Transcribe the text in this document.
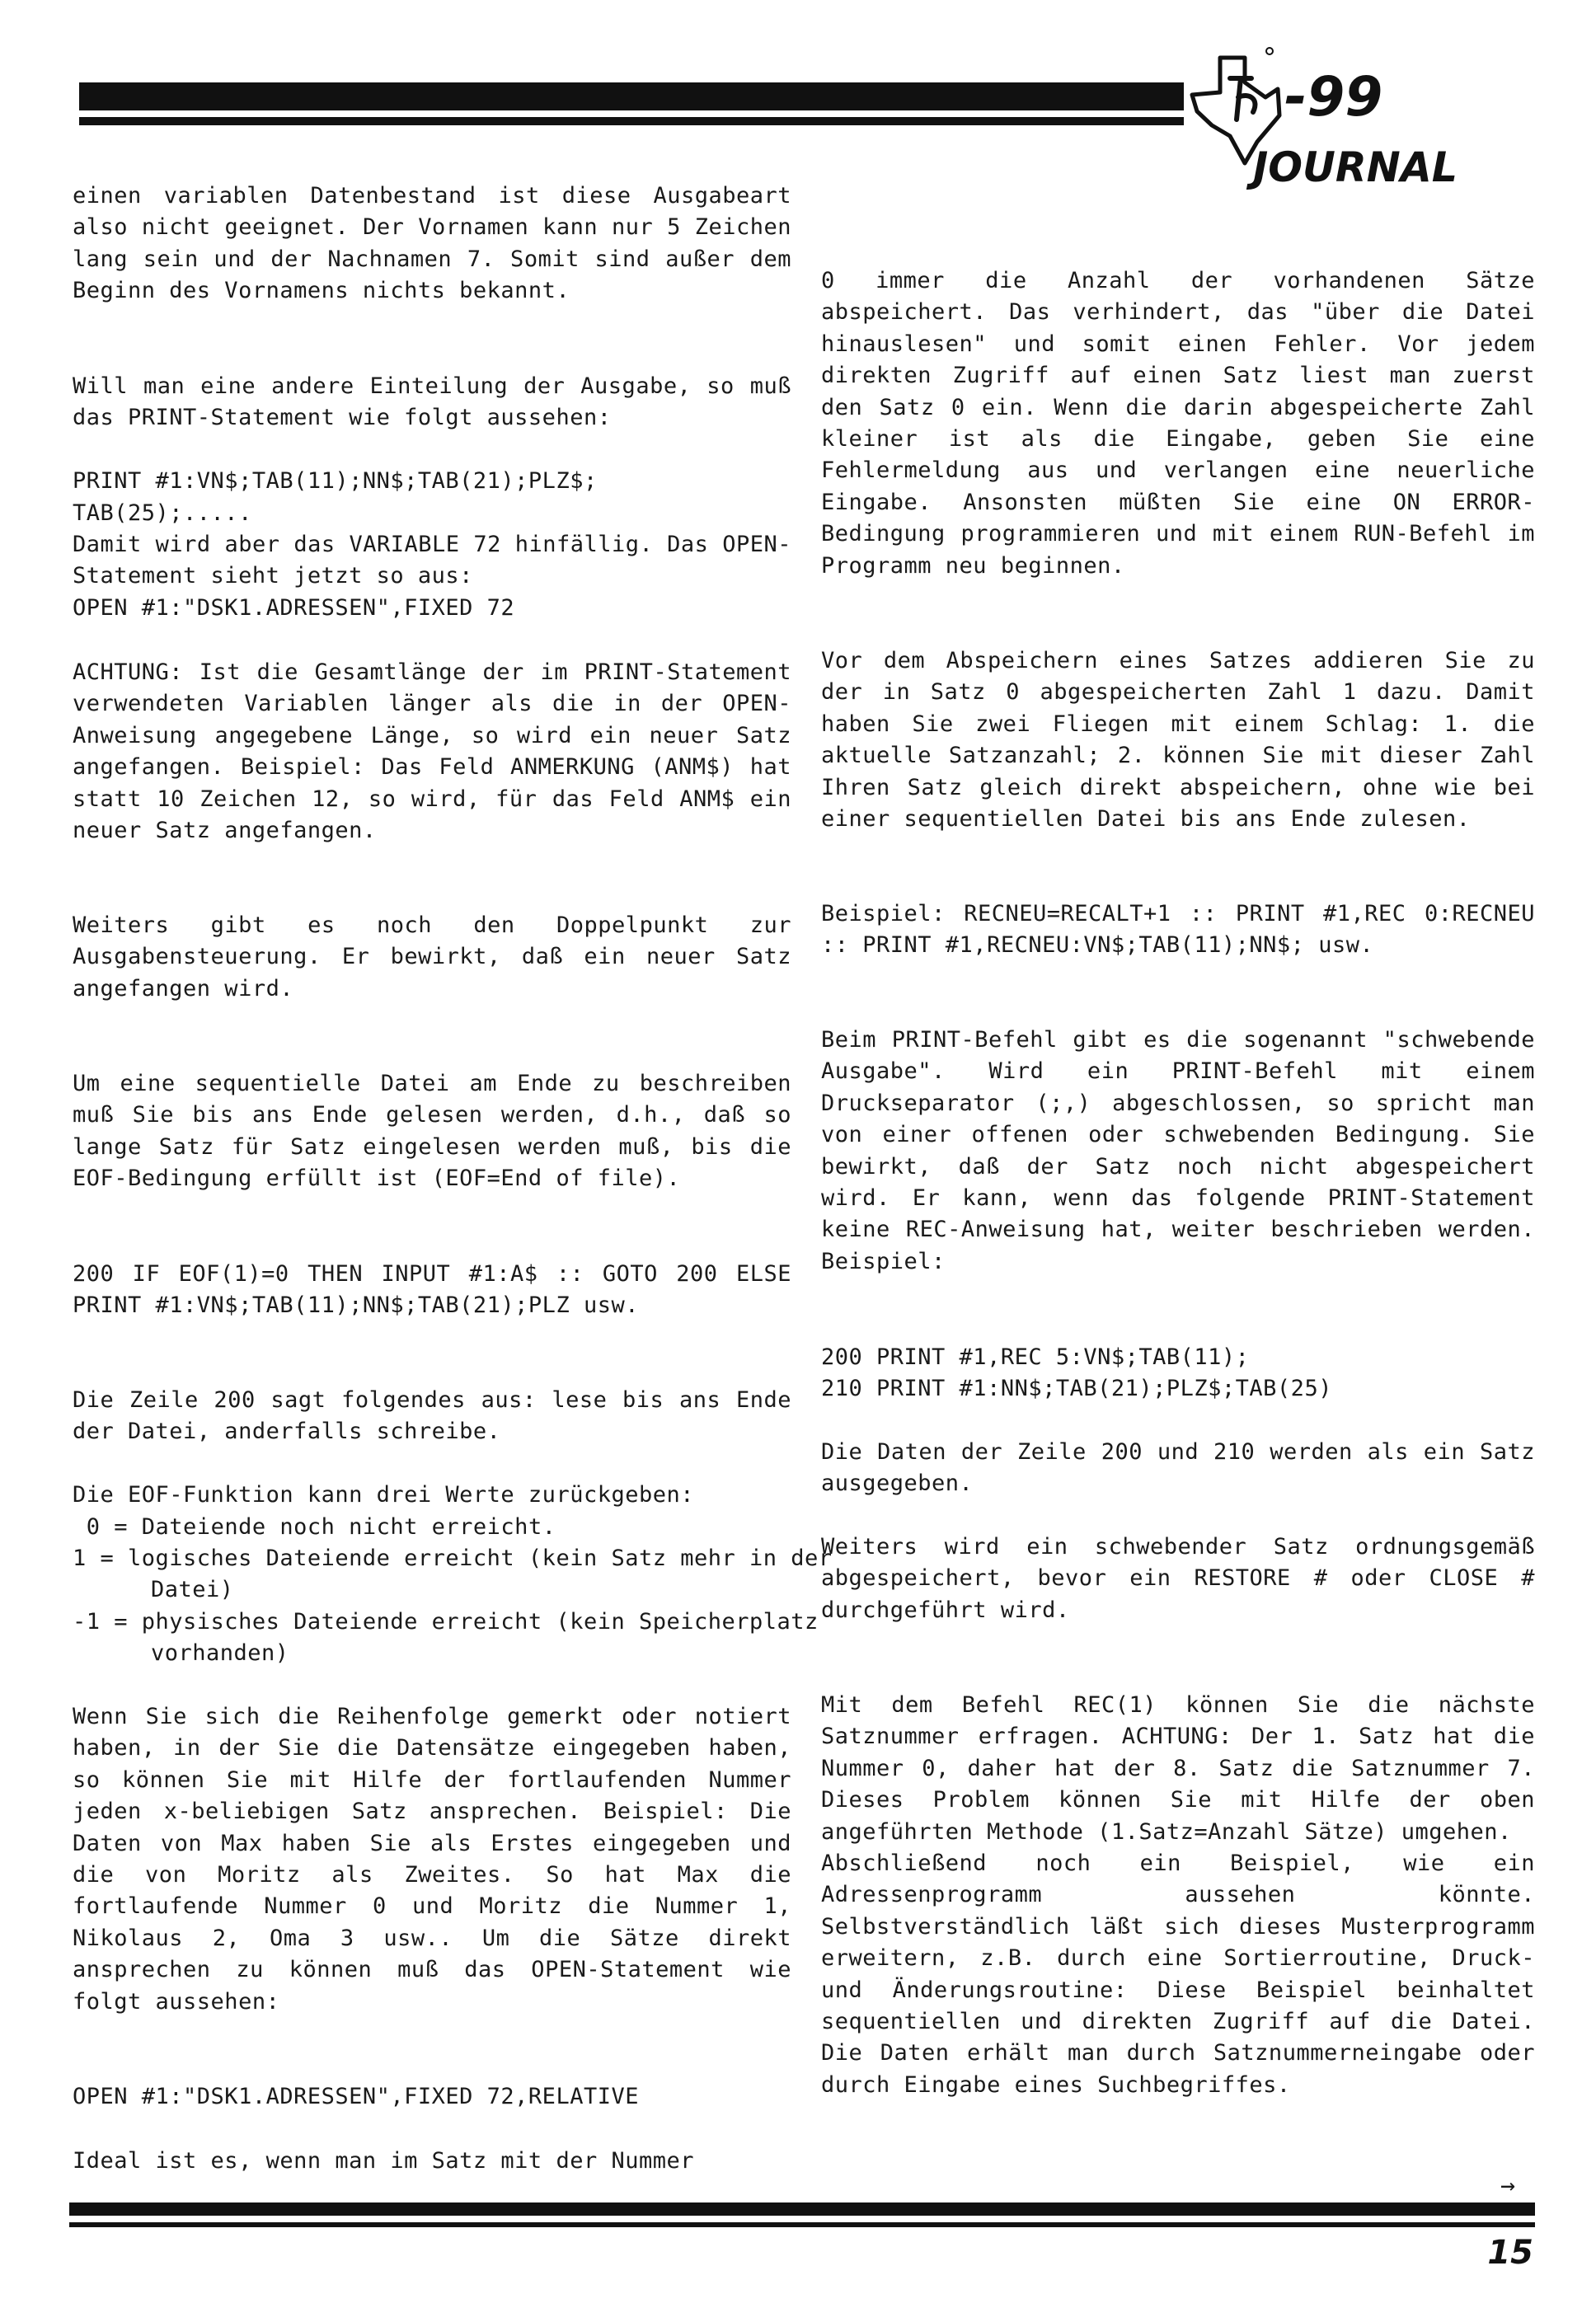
-99
JOURNAL

einen variablen Datenbestand ist diese Ausgabeart also nicht geeignet. Der Vornamen kann nur 5 Zeichen lang sein und der Nachnamen 7. Somit sind außer dem Beginn des Vornamens nichts bekannt.

Will man eine andere Einteilung der Ausgabe, so muß das PRINT-Statement wie folgt aussehen:

PRINT #1:VN$;TAB(11);NN$;TAB(21);PLZ$;

TAB(25);.....

Damit wird aber das VARIABLE 72 hinfällig. Das OPEN-Statement sieht jetzt so aus:

OPEN #1:"DSK1.ADRESSEN",FIXED 72

ACHTUNG: Ist die Gesamtlänge der im PRINT-Statement verwendeten Variablen länger als die in der OPEN-Anweisung angegebene Länge, so wird ein neuer Satz angefangen. Beispiel: Das Feld ANMERKUNG (ANM$) hat statt 10 Zeichen 12, so wird, für das Feld ANM$ ein neuer Satz angefangen.

Weiters gibt es noch den Doppelpunkt zur Ausgabensteuerung. Er bewirkt, daß ein neuer Satz angefangen wird.

Um eine sequentielle Datei am Ende zu beschreiben muß Sie bis ans Ende gelesen werden, d.h., daß so lange Satz für Satz eingelesen werden muß, bis die EOF-Bedingung erfüllt ist (EOF=End of file).

200 IF EOF(1)=0 THEN INPUT #1:A$ :: GOTO 200 ELSE PRINT #1:VN$;TAB(11);NN$;TAB(21);PLZ usw.

Die Zeile 200 sagt folgendes aus: lese bis ans Ende der Datei, anderfalls schreibe.

Die EOF-Funktion kann drei Werte zurückgeben:

0 = Dateiende noch nicht erreicht.

1 = logisches Dateiende erreicht (kein Satz mehr in der Datei)

-1 = physisches Dateiende erreicht (kein Speicherplatz vorhanden)

Wenn Sie sich die Reihenfolge gemerkt oder notiert haben, in der Sie die Datensätze eingegeben haben, so können Sie mit Hilfe der fortlaufenden Nummer jeden x-beliebigen Satz ansprechen. Beispiel: Die Daten von Max haben Sie als Erstes eingegeben und die von Moritz als Zweites. So hat Max die fortlaufende Nummer 0 und Moritz die Nummer 1, Nikolaus 2, Oma 3 usw.. Um die Sätze direkt ansprechen zu können muß das OPEN-Statement wie folgt aussehen:

OPEN #1:"DSK1.ADRESSEN",FIXED 72,RELATIVE

Ideal ist es, wenn man im Satz mit der Nummer

0 immer die Anzahl der vorhandenen Sätze abspeichert. Das verhindert, das "über die Datei hinauslesen" und somit einen Fehler. Vor jedem direkten Zugriff auf einen Satz liest man zuerst den Satz 0 ein. Wenn die darin abgespeicherte Zahl kleiner ist als die Eingabe, geben Sie eine Fehlermeldung aus und verlangen eine neuerliche Eingabe. Ansonsten müßten Sie eine ON ERROR-Bedingung programmieren und mit einem RUN-Befehl im Programm neu beginnen.

Vor dem Abspeichern eines Satzes addieren Sie zu der in Satz 0 abgespeicherten Zahl 1 dazu. Damit haben Sie zwei Fliegen mit einem Schlag: 1. die aktuelle Satzanzahl; 2. können Sie mit dieser Zahl Ihren Satz gleich direkt abspeichern, ohne wie bei einer sequentiellen Datei bis ans Ende zulesen.

Beispiel: RECNEU=RECALT+1 :: PRINT #1,REC 0:RECNEU :: PRINT #1,RECNEU:VN$;TAB(11);NN$; usw.

Beim PRINT-Befehl gibt es die sogenannt "schwebende Ausgabe". Wird ein PRINT-Befehl mit einem Druckseparator (;,) abgeschlossen, so spricht man von einer offenen oder schwebenden Bedingung. Sie bewirkt, daß der Satz noch nicht abgespeichert wird. Er kann, wenn das folgende PRINT-Statement keine REC-Anweisung hat, weiter beschrieben werden. Beispiel:

200 PRINT #1,REC 5:VN$;TAB(11);

210 PRINT #1:NN$;TAB(21);PLZ$;TAB(25)

Die Daten der Zeile 200 und 210 werden als ein Satz ausgegeben.

Weiters wird ein schwebender Satz ordnungsgemäß abgespeichert, bevor ein RESTORE # oder CLOSE # durchgeführt wird.

Mit dem Befehl REC(1) können Sie die nächste Satznummer erfragen. ACHTUNG: Der 1. Satz hat die Nummer 0, daher hat der 8. Satz die Satznummer 7. Dieses Problem können Sie mit Hilfe der oben angeführten Methode (1.Satz=Anzahl Sätze) umgehen.

Abschließend noch ein Beispiel, wie ein Adressenprogramm aussehen könnte. Selbstverständlich läßt sich dieses Musterprogramm erweitern, z.B. durch eine Sortierroutine, Druck- und Änderungsroutine: Diese Beispiel beinhaltet sequentiellen und direkten Zugriff auf die Datei. Die Daten erhält man durch Satznummerneingabe oder durch Eingabe eines Suchbegriffes.

→
15
